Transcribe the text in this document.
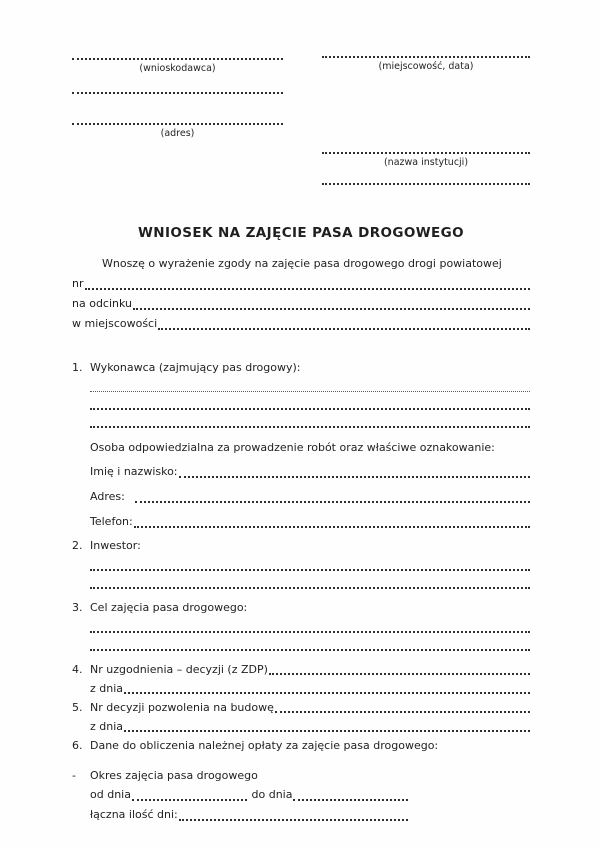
(wnioskodawca)
(adres)
(miejscowość, data)
(nazwa instytucji)
WNIOSEK NA ZAJĘCIE PASA DROGOWEGO
Wnoszę o wyrażenie zgody na zajęcie pasa drogowego drogi powiatowej
nr
na odcinku
w miejscowości
1. Wykonawca (zajmujący pas drogowy):
Osoba odpowiedzialna za prowadzenie robót oraz właściwe oznakowanie:
Imię i nazwisko:
Adres:
Telefon:
2. Inwestor:
3. Cel zajęcia pasa drogowego:
4. Nr uzgodnienia – decyzji (z ZDP)
z dnia
5. Nr decyzji pozwolenia na budowę
z dnia
6. Dane do obliczenia należnej opłaty za zajęcie pasa drogowego:
-	Okres zajęcia pasa drogowego
od dnia	do dnia
łączna ilość dni:
